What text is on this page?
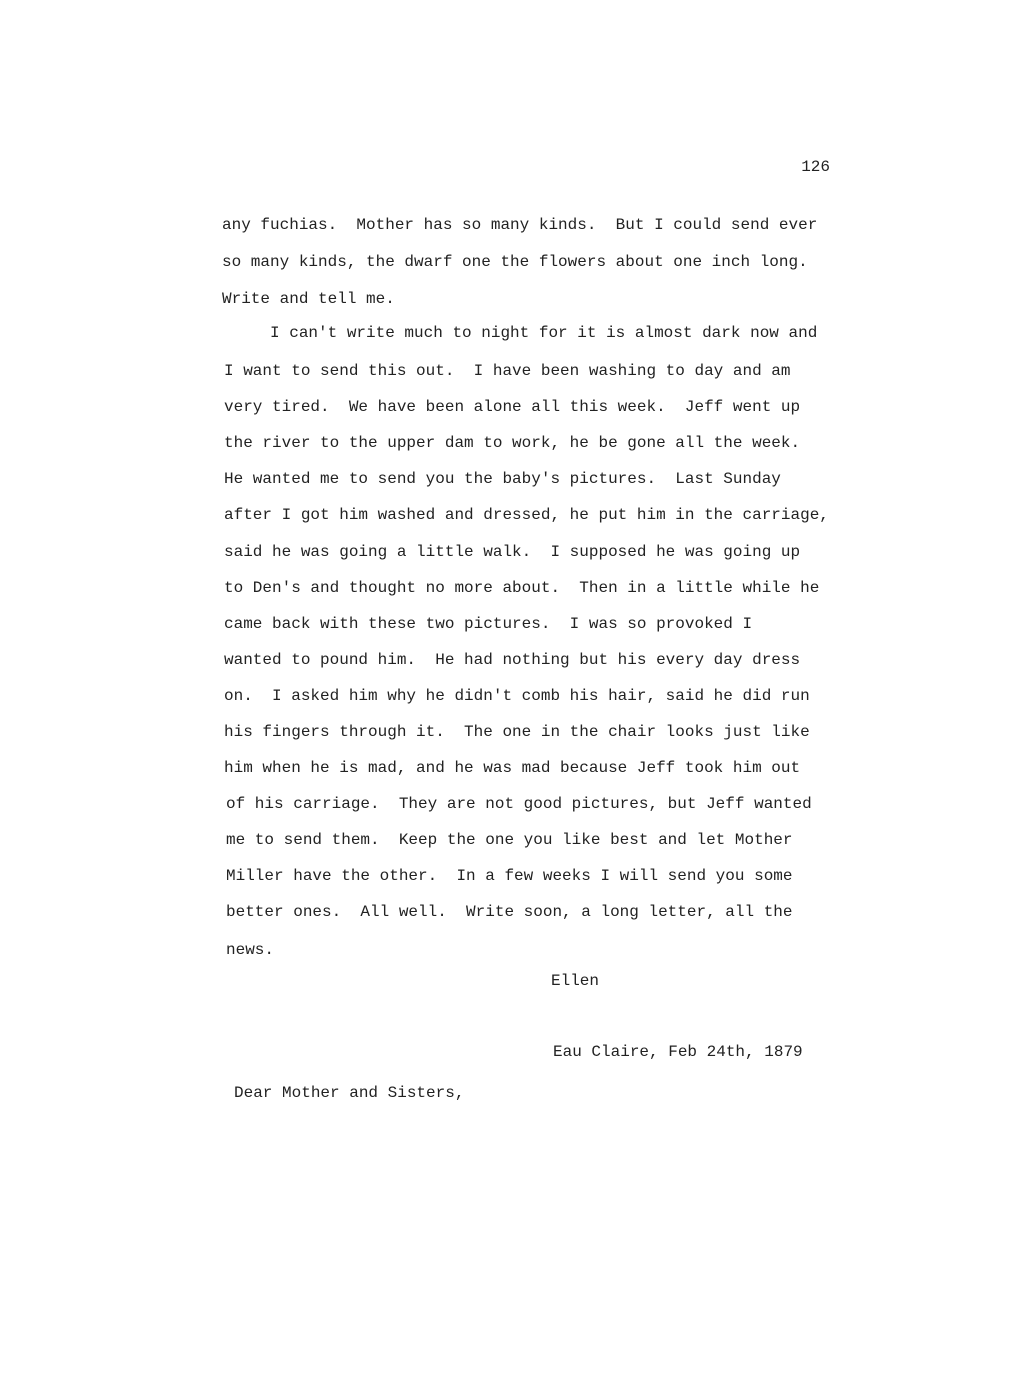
126
any fuchias.  Mother has so many kinds.  But I could send ever
so many kinds, the dwarf one the flowers about one inch long.
Write and tell me.
I can't write much to night for it is almost dark now and
I want to send this out.  I have been washing to day and am
very tired.  We have been alone all this week.  Jeff went up
the river to the upper dam to work, he be gone all the week.
He wanted me to send you the baby's pictures.  Last Sunday
after I got him washed and dressed, he put him in the carriage,
said he was going a little walk.  I supposed he was going up
to Den's and thought no more about.  Then in a little while he
came back with these two pictures.  I was so provoked I
wanted to pound him.  He had nothing but his every day dress
on.  I asked him why he didn't comb his hair, said he did run
his fingers through it.  The one in the chair looks just like
him when he is mad, and he was mad because Jeff took him out
of his carriage.  They are not good pictures, but Jeff wanted
me to send them.  Keep the one you like best and let Mother
Miller have the other.  In a few weeks I will send you some
better ones.  All well.  Write soon, a long letter, all the
news.
Ellen
Eau Claire, Feb 24th, 1879
Dear Mother and Sisters,
